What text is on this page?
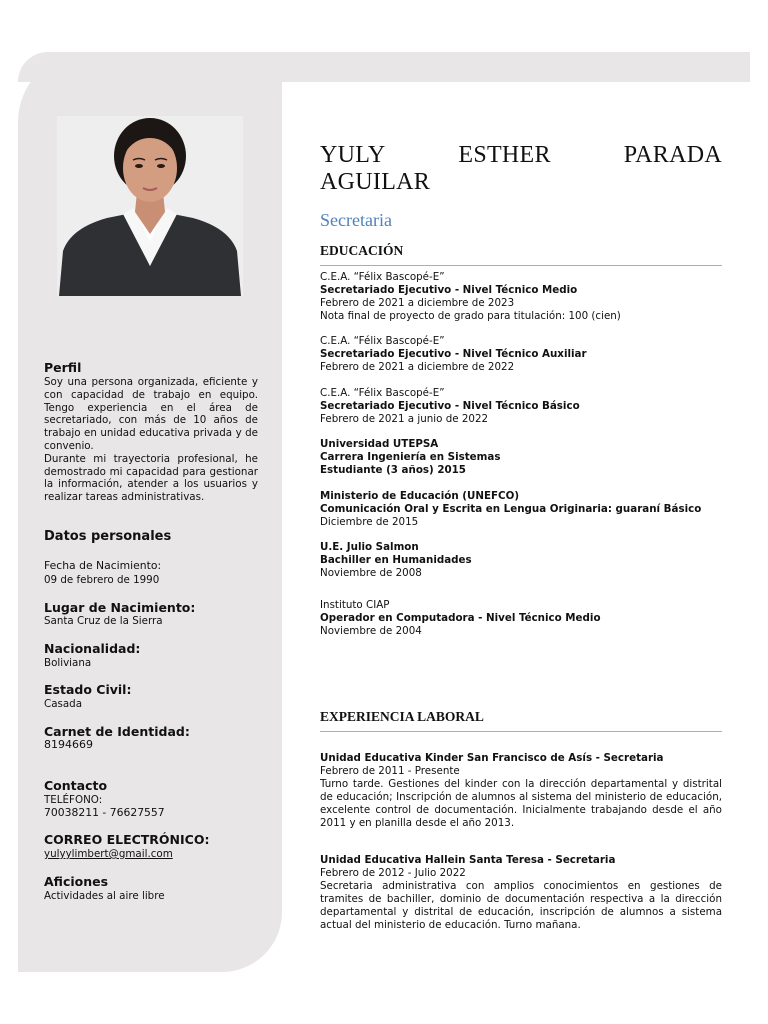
Perfil

Soy una persona organizada, eficiente y con capacidad de trabajo en equipo. Tengo experiencia en el área de secretariado, con más de 10 años de trabajo en unidad educativa privada y de convenio.

Durante mi trayectoria profesional, he demostrado mi capacidad para gestionar la información, atender a los usuarios y realizar tareas administrativas.

Datos personales
Fecha de Nacimiento:
09 de febrero de 1990
Lugar de Nacimiento:
Santa Cruz de la Sierra
Nacionalidad:
Boliviana
Estado Civil:
Casada
Carnet de Identidad:
8194669
Contacto
TELÉFONO:
70038211 - 76627557
CORREO ELECTRÓNICO:
yulyylimbert@gmail.com
Aficiones
Actividades al aire libre
YULY	ESTHER	PARADA
AGUILAR
Secretaria
EDUCACIÓN
C.E.A. “Félix Bascopé-E”
Secretariado Ejecutivo - Nivel Técnico Medio
Febrero de 2021 a diciembre de 2023
Nota final de proyecto de grado para titulación: 100 (cien)
C.E.A. “Félix Bascopé-E”
Secretariado Ejecutivo - Nivel Técnico Auxiliar
Febrero de 2021 a diciembre de 2022
C.E.A. “Félix Bascopé-E”
Secretariado Ejecutivo - Nivel Técnico Básico
Febrero de 2021 a junio de 2022
Universidad UTEPSA
Carrera Ingeniería en Sistemas
Estudiante (3 años) 2015
Ministerio de Educación (UNEFCO)
Comunicación Oral y Escrita en Lengua Originaria: guaraní Básico
Diciembre de 2015
U.E. Julio Salmon
Bachiller en Humanidades
Noviembre de 2008
Instituto CIAP
Operador en Computadora - Nivel Técnico Medio
Noviembre de 2004
EXPERIENCIA LABORAL
Unidad Educativa Kinder San Francisco de Asís - Secretaria
Febrero de 2011 - Presente
Turno tarde. Gestiones del kinder con la dirección departamental y distrital de educación; Inscripción de alumnos al sistema del ministerio de educación, excelente control de documentación. Inicialmente trabajando desde el año 2011 y en planilla desde el año 2013.
Unidad Educativa Hallein Santa Teresa - Secretaria
Febrero de 2012 - Julio 2022
Secretaria administrativa con amplios conocimientos en gestiones de tramites de bachiller, dominio de documentación respectiva a la dirección departamental y distrital de educación, inscripción de alumnos a sistema actual del ministerio de educación. Turno mañana.
